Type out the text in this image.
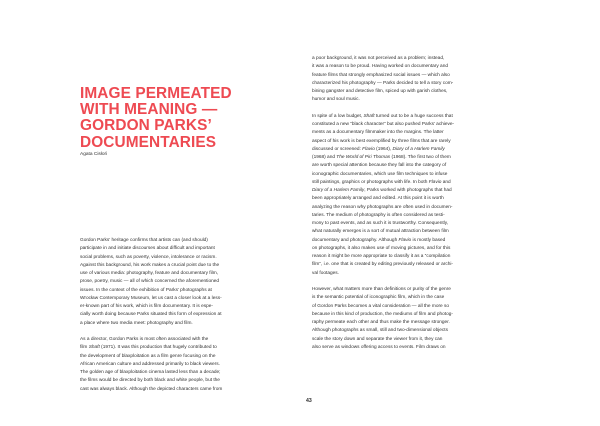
IMAGE PERMEATED
WITH MEANING —
GORDON PARKS’
DOCUMENTARIES

Agata Cisłoń

Gordon Parks’ heritage confirms that artists can (and should)
participate in and initiate discourses about difficult and important
social problems, such as poverty, violence, intolerance or racism.
Against this background, his work makes a crucial point due to the
use of various media: photography, feature and documentary film,
prose, poetry, music — all of which concerned the aforementioned
issues. In the context of the exhibition of Parks’ photographs at
Wrocław Contemporary Museum, let us cast a closer look at a less-
er-known part of his work, which is film documentary. It is espe-
cially worth doing because Parks situated this form of expression at
a place where two media meet: photography and film.

As a director, Gordon Parks is most often associated with the
film Shaft (1971). It was this production that hugely contributed to
the development of blaxploitation as a film genre focusing on the
African American culture and addressed primarily to black viewers.
The golden age of blaxploitation cinema lasted less than a decade;
the films would be directed by both black and white people, but the
cast was always black. Although the depicted characters came from

a poor background, it was not perceived as a problem; instead,
it was a reason to be proud. Having worked on documentary and
feature films that strongly emphasized social issues — which also
characterized his photography — Parks decided to tell a story com-
bining gangster and detective film, spiced up with garish clothes,
humor and soul music.

In spite of a low budget, Shaft turned out to be a huge success that
constituted a new “black character” but also pushed Parks’ achieve-
ments as a documentary filmmaker into the margins. The latter
aspect of his work is best exemplified by three films that are rarely
discussed or screened: Flavio (1964), Diary of a Harlem Family
(1968) and The World of Piri Thomas (1968). The first two of them
are worth special attention because they fall into the category of
iconographic documentaries, which use film techniques to infuse
still paintings, graphics or photographs with life. In both Flavio and
Diary of a Harlem Family, Parks worked with photographs that had
been appropriately arranged and edited. At this point it is worth
analyzing the reason why photographs are often used in documen-
taries. The medium of photography is often considered as testi-
mony to past events, and as such it is trustworthy. Consequently,
what naturally emerges is a sort of mutual attraction between film
documentary and photography. Although Flavio is mostly based
on photographs, it also makes use of moving pictures, and for this
reason it might be more appropriate to classify it as a “compilation
film”, i.e. one that is created by editing previously released or archi-
val footages.

However, what matters more than definitions or purity of the genre
is the semantic potential of iconographic film, which in the case
of Gordon Parks becomes a vital consideration — all the more so
because in this kind of production, the mediums of film and photog-
raphy permeate each other and thus make the message stronger.
Although photographs as small, still and two-dimensional objects
scale the story down and separate the viewer from it, they can
also serve as windows offering access to events. Film draws on

43
